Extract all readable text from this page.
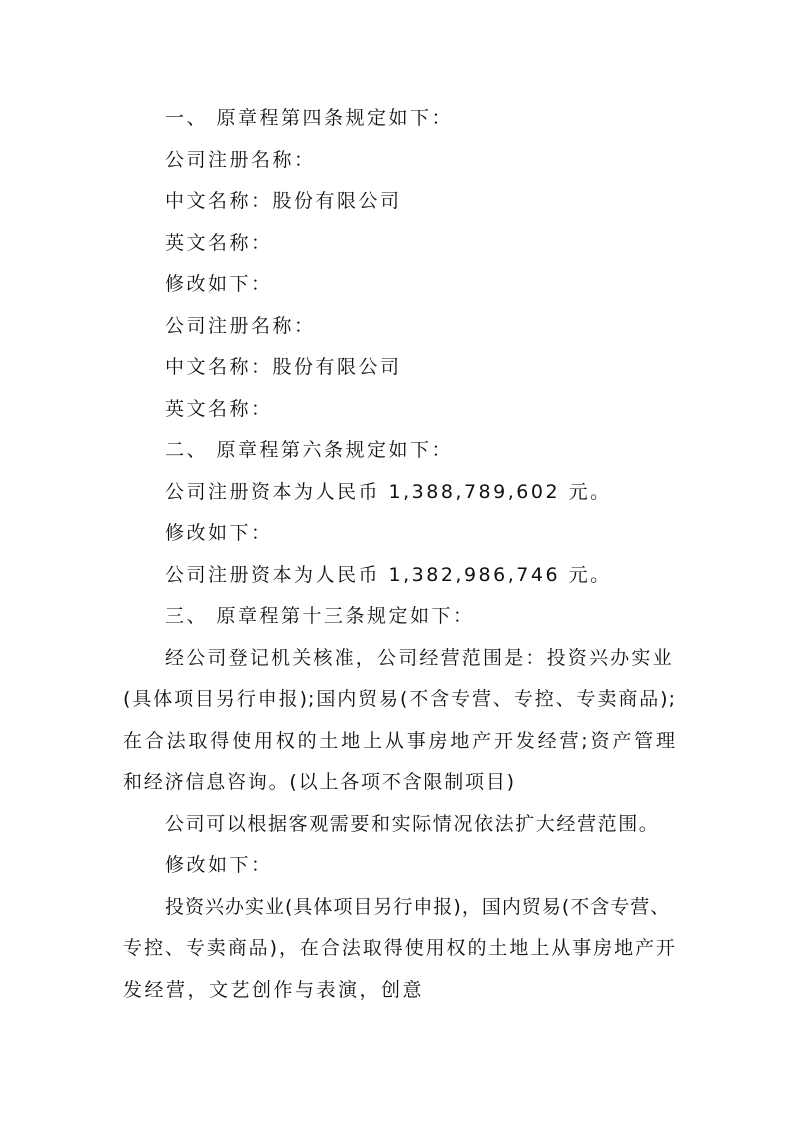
一、 原章程第四条规定如下：
公司注册名称：
中文名称：股份有限公司
英文名称：
修改如下：
公司注册名称：
中文名称：股份有限公司
英文名称：
二、 原章程第六条规定如下：
公司注册资本为人民币 1,388,789,602 元。
修改如下：
公司注册资本为人民币 1,382,986,746 元。
三、 原章程第十三条规定如下：
经公司登记机关核准，公司经营范围是：投资兴办实业
(具体项目另行申报);国内贸易(不含专营、专控、专卖商品);
在合法取得使用权的土地上从事房地产开发经营;资产管理
和经济信息咨询。(以上各项不含限制项目)
公司可以根据客观需要和实际情况依法扩大经营范围。
修改如下：
投资兴办实业(具体项目另行申报)，国内贸易(不含专营、
专控、专卖商品)，在合法取得使用权的土地上从事房地产开
发经营，文艺创作与表演，创意
